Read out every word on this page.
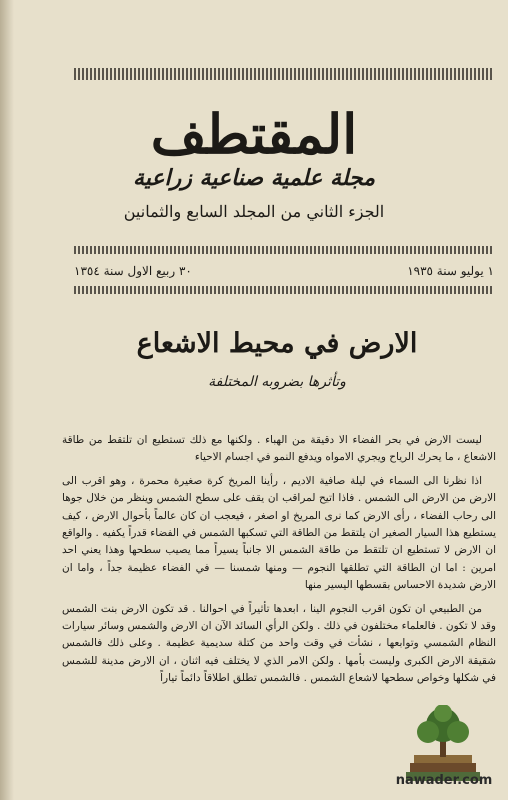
المقتطف
مجلة علمية صناعية زراعية
الجزء الثاني من المجلد السابع والثمانين
١ يوليو سنة ١٩٣٥
٣٠ ربيع الاول سنة ١٣٥٤
الارض في محيط الاشعاع
وتأثرها بضروبه المختلفة

ليست الارض في بحر الفضاء الا دقيقة من الهباء . ولكنها مع ذلك تستطيع ان تلتقط من طاقة الاشعاع ، ما يحرك الرياح ويجري الامواه ويدفع النمو في اجسام الاحياء

اذا نظرنا الى السماء في ليلة صافية الاديم ، رأينا المريخ كرة صغيرة محمرة ، وهو اقرب الى الارض من الارض الى الشمس . فاذا اتيح لمراقب ان يقف على سطح الشمس وينظر من خلال جوها الى رحاب الفضاء ، رأى الارض كما نرى المريخ او اصغر ، فيعجب ان كان عالماً بأحوال الارض ، كيف يستطيع هذا السيار الصغير ان يلتقط من الطاقة التي تسكبها الشمس في الفضاء قدراً يكفيه . والواقع ان الارض لا تستطيع ان تلتقط من طاقة الشمس الا جانباً يسيراً مما يصيب سطحها وهذا يعني احد امرين : اما ان الطاقة التي تطلقها النجوم — ومنها شمسنا — في الفضاء عظيمة جداً ، واما ان الارض شديدة الاحساس بقسطها اليسير منها

من الطبيعي ان تكون اقرب النجوم الينا ، ابعدها تأثيراً في احوالنا . قد تكون الارض بنت الشمس وقد لا تكون . فالعلماء مختلفون في ذلك . ولكن الرأي السائد الآن ان الارض والشمس وسائر سيارات النظام الشمسي وتوابعها ، نشأت في وقت واحد من كتلة سديمية عظيمة . وعلى ذلك فالشمس شقيقة الارض الكبرى وليست بأمها . ولكن الامر الذي لا يختلف فيه اثنان ، ان الارض مدينة للشمس في شكلها وخواص سطحها لاشعاع الشمس . فالشمس تطلق اطلاقاً دائماً تياراً

nawader.com
